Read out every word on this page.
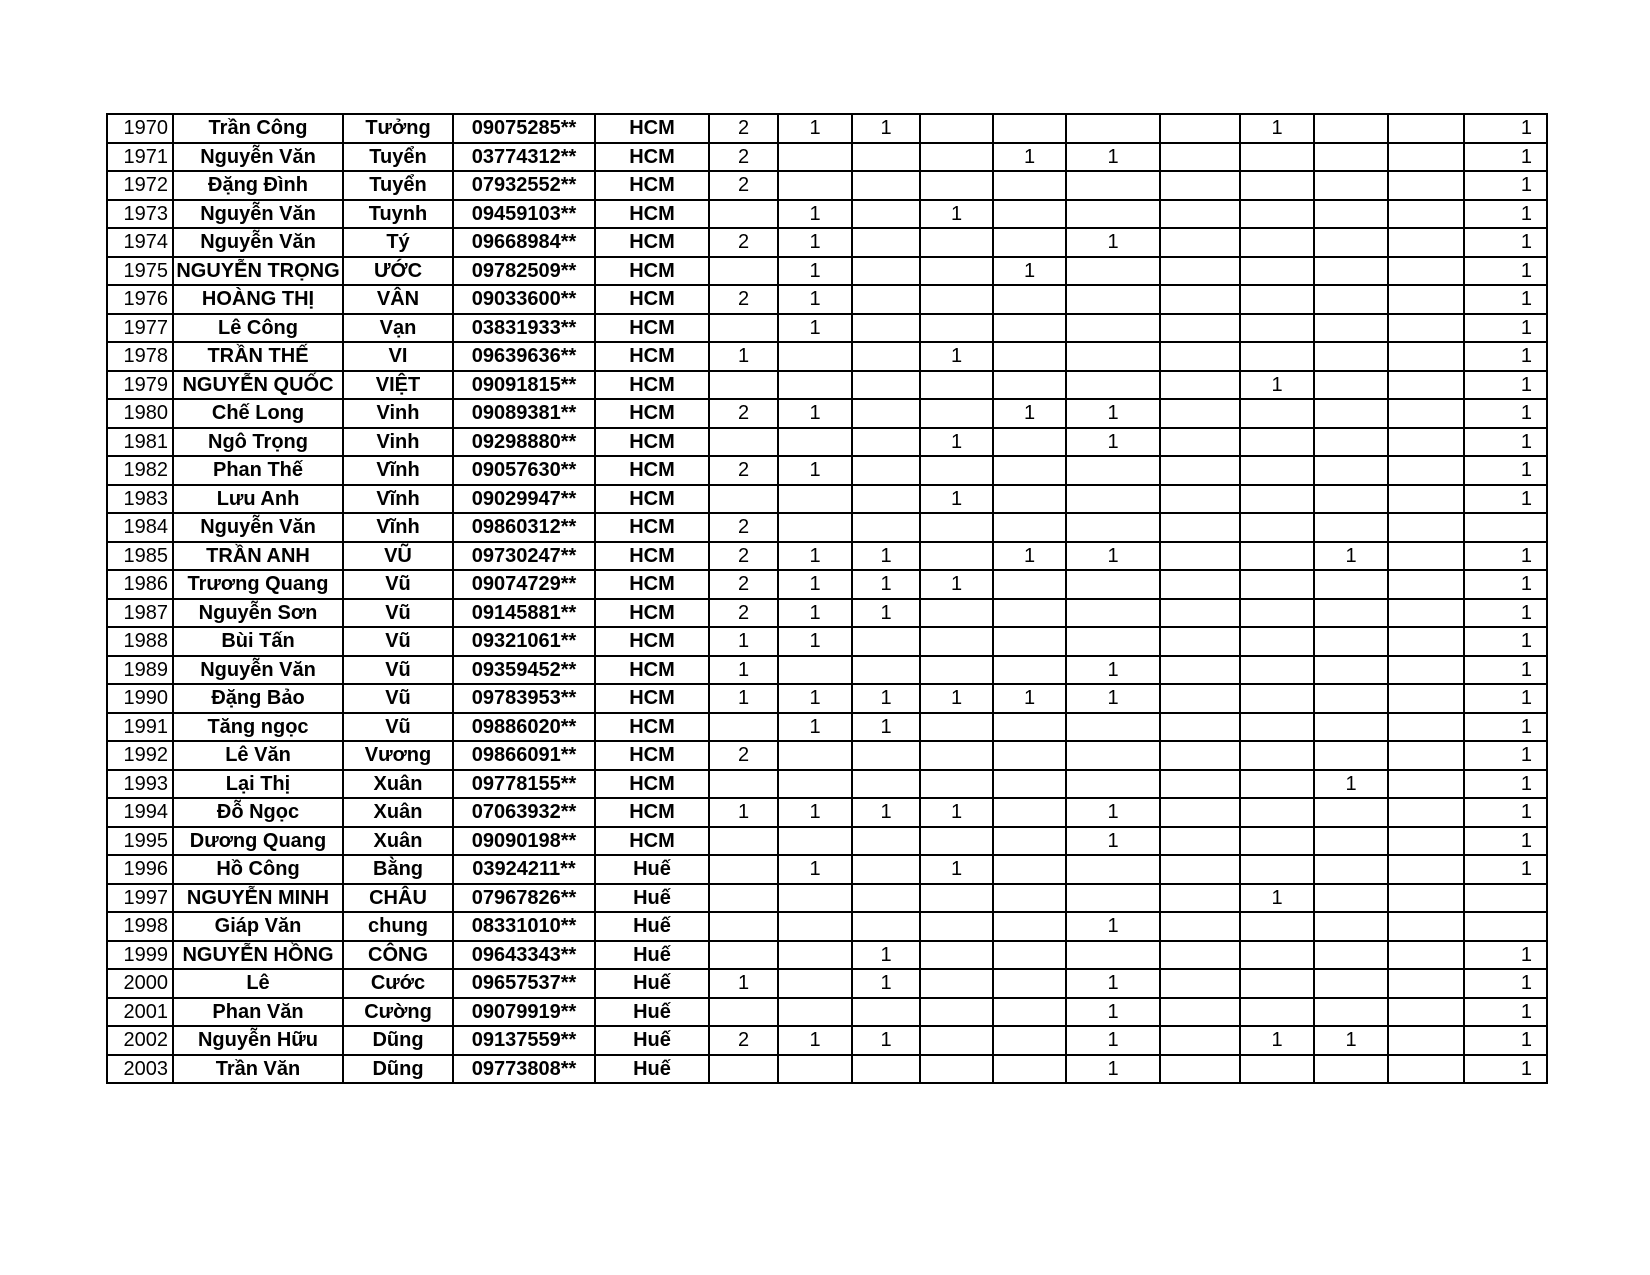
1970	Trần Công	Tưởng	09075285**	HCM	2	1	1					1			1
1971	Nguyễn Văn	Tuyển	03774312**	HCM	2				1	1					1
1972	Đặng Đình	Tuyển	07932552**	HCM	2										1
1973	Nguyễn Văn	Tuynh	09459103**	HCM		1		1							1
1974	Nguyễn Văn	Tý	09668984**	HCM	2	1				1					1
1975	NGUYỄN TRỌNG	ƯỚC	09782509**	HCM		1			1						1
1976	HOÀNG THỊ	VÂN	09033600**	HCM	2	1									1
1977	Lê Công	Vạn	03831933**	HCM		1									1
1978	TRẦN THẾ	VI	09639636**	HCM	1			1							1
1979	NGUYỄN QUỐC	VIỆT	09091815**	HCM								1			1
1980	Chế Long	Vinh	09089381**	HCM	2	1			1	1					1
1981	Ngô Trọng	Vinh	09298880**	HCM				1		1					1
1982	Phan Thế	Vĩnh	09057630**	HCM	2	1									1
1983	Lưu Anh	Vĩnh	09029947**	HCM				1							1
1984	Nguyễn Văn	Vĩnh	09860312**	HCM	2										
1985	TRẦN ANH	VŨ	09730247**	HCM	2	1	1		1	1			1		1
1986	Trương Quang	Vũ	09074729**	HCM	2	1	1	1							1
1987	Nguyễn Sơn	Vũ	09145881**	HCM	2	1	1								1
1988	Bùi Tấn	Vũ	09321061**	HCM	1	1									1
1989	Nguyễn Văn	Vũ	09359452**	HCM	1					1					1
1990	Đặng Bảo	Vũ	09783953**	HCM	1	1	1	1	1	1					1
1991	Tăng ngọc	Vũ	09886020**	HCM		1	1								1
1992	Lê Văn	Vương	09866091**	HCM	2										1
1993	Lại Thị	Xuân	09778155**	HCM									1		1
1994	Đỗ Ngọc	Xuân	07063932**	HCM	1	1	1	1		1					1
1995	Dương Quang	Xuân	09090198**	HCM						1					1
1996	Hồ Công	Bằng	03924211**	Huế		1		1							1
1997	NGUYỄN MINH	CHÂU	07967826**	Huế								1			
1998	Giáp Văn	chung	08331010**	Huế						1					
1999	NGUYỄN HỒNG	CÔNG	09643343**	Huế			1								1
2000	Lê	Cước	09657537**	Huế	1		1			1					1
2001	Phan Văn	Cường	09079919**	Huế						1					1
2002	Nguyễn Hữu	Dũng	09137559**	Huế	2	1	1			1		1	1		1
2003	Trần Văn	Dũng	09773808**	Huế						1					1
